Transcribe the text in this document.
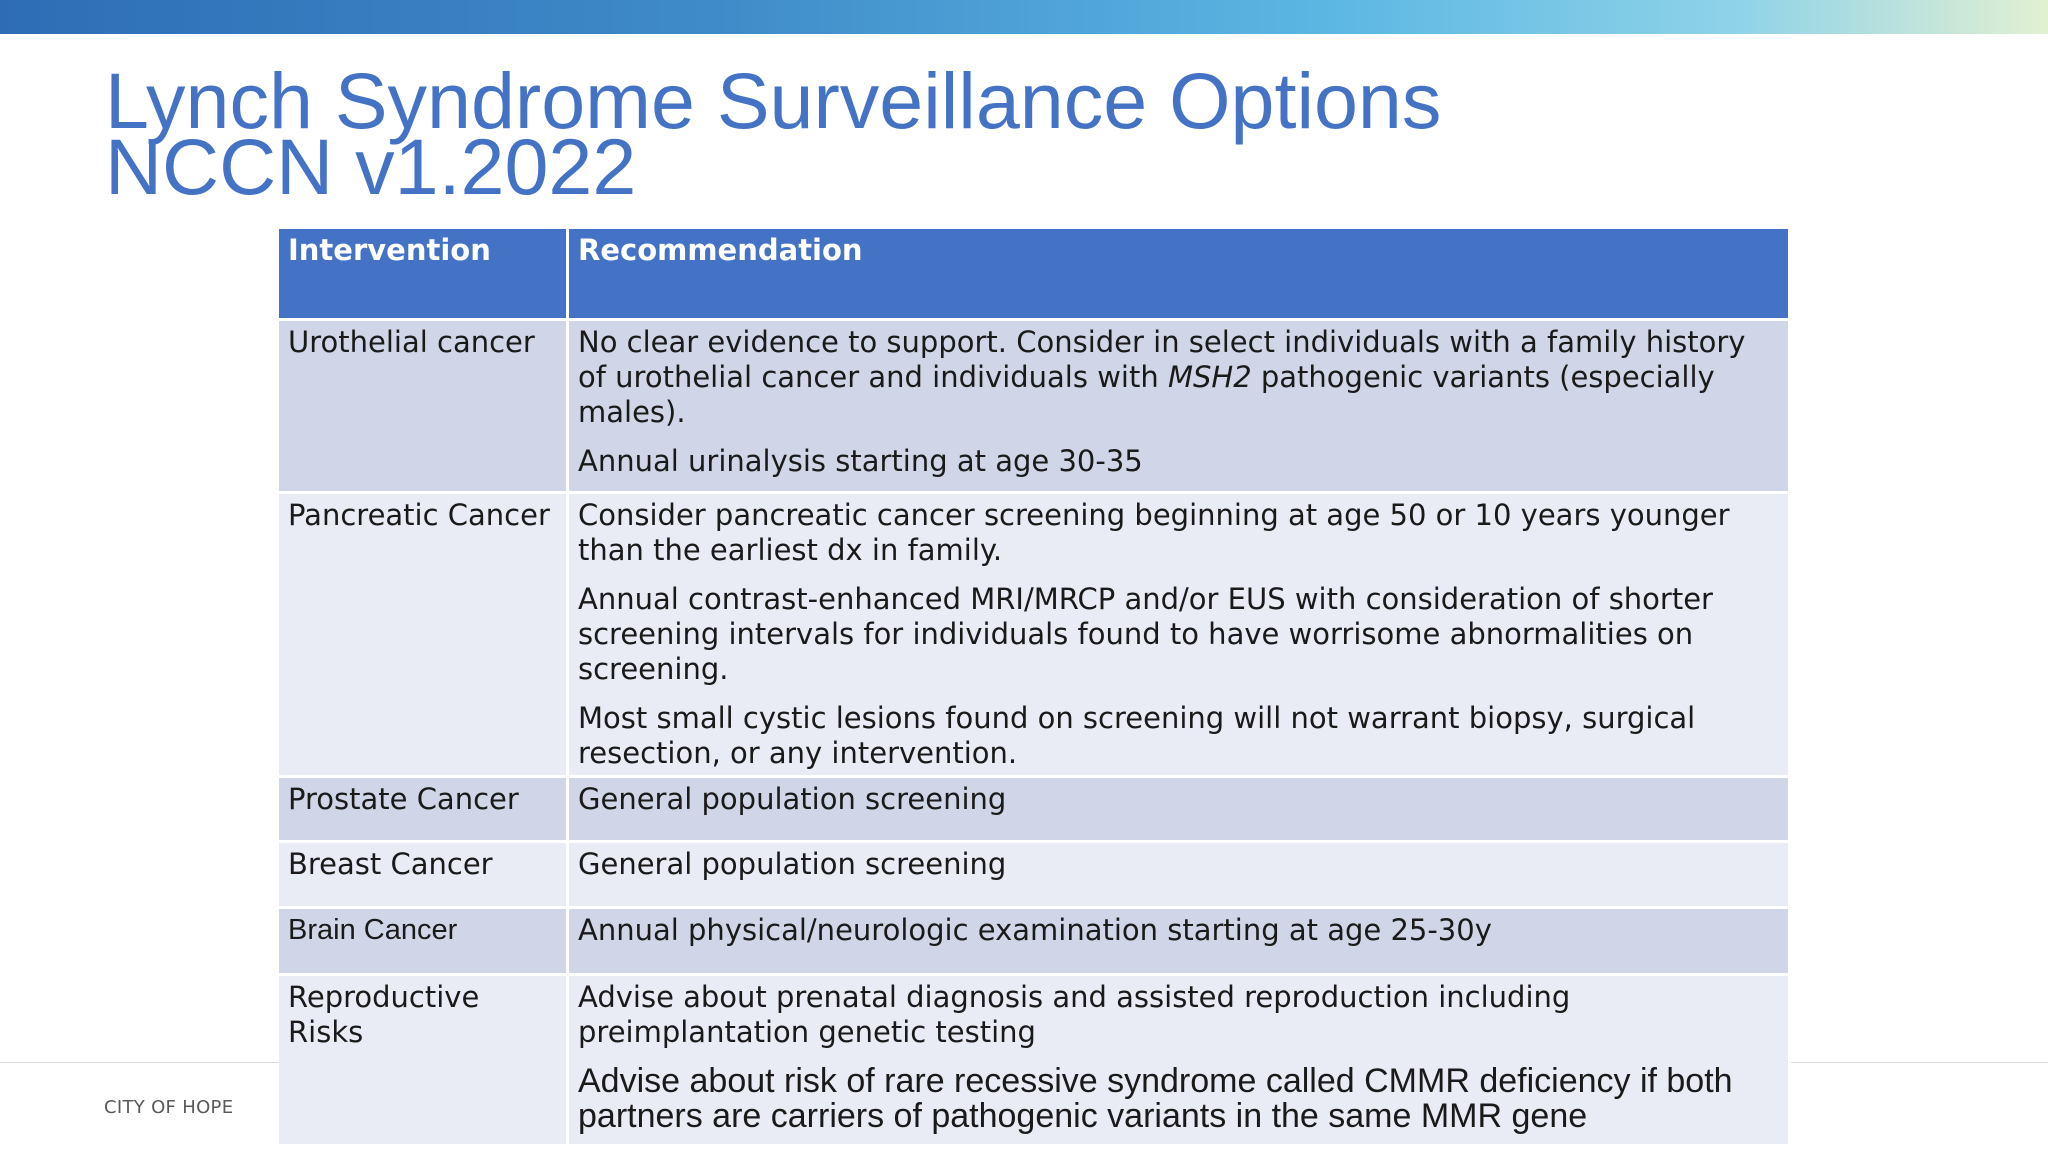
Lynch Syndrome Surveillance Options
NCCN v1.2022
CITY OF HOPE
Intervention	Recommendation
Urothelial cancer	No clear evidence to support. Consider in select individuals with a family history of urothelial cancer and individuals with MSH2 pathogenic variants (especially males).

Annual urinalysis starting at age 30-35

Pancreatic Cancer	Consider pancreatic cancer screening beginning at age 50 or 10 years younger than the earliest dx in family.

Annual contrast-enhanced MRI/MRCP and/or EUS with consideration of shorter screening intervals for individuals found to have worrisome abnormalities on screening.

Most small cystic lesions found on screening will not warrant biopsy, surgical resection, or any intervention.

Prostate Cancer	General population screening

Breast Cancer	General population screening

Brain Cancer	Annual physical/neurologic examination starting at age 25-30y

Reproductive Risks	Advise about prenatal diagnosis and assisted reproduction including preimplantation genetic testing

Advise about risk of rare recessive syndrome called CMMR deficiency if both partners are carriers of pathogenic variants in the same MMR gene
